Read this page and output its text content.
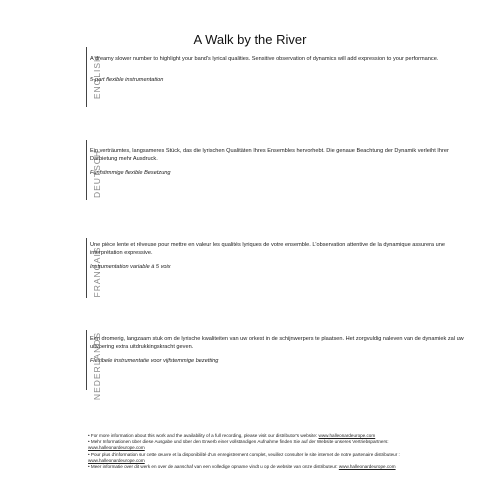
A Walk by the River
ENGLISH

A dreamy slower number to highlight your band's lyrical qualities. Sensitive observation of dynamics will add expression to your performance.

5-part flexible instrumentation

DEUTSCH

Ein verträumtes, langsameres Stück, das die lyrischen Qualitäten Ihres Ensembles hervorhebt. Die genaue Beachtung der Dynamik verleiht Ihrer Darbietung mehr Ausdruck.

Fünfstimmige flexible Besetzung

FRANÇAIS

Une pièce lente et rêveuse pour mettre en valeur les qualités lyriques de votre ensemble. L'observation attentive de la dynamique assurera une interprétation expressive.

Instrumentation variable à 5 voix

NEDERLANDS

Een dromerig, langzaam stuk om de lyrische kwaliteiten van uw orkest in de schijnwerpers te plaatsen. Het zorgvuldig naleven van de dynamiek zal uw uitvoering extra uitdrukkingskracht geven.

Flexibele instrumentatie voor vijfstemmige bezetting

• For more information about this work and the availability of a full recording, please visit our distributor's website: www.halleonardeurope.com

• Mehr Informationen über diese Ausgabe und über den Erwerb einer vollständigen Aufnahme finden Sie auf der Website unseres Vertriebspartners: www.halleonardeurope.com

• Pour plus d'information sur cette œuvre et la disponibilité d'un enregistrement complet, veuillez consulter le site internet de notre partenaire distributeur : www.halleonardeurope.com

• Meer informatie over dit werk en over de aanschaf van een volledige opname vindt u op de website van onze distributeur: www.halleonardeurope.com
